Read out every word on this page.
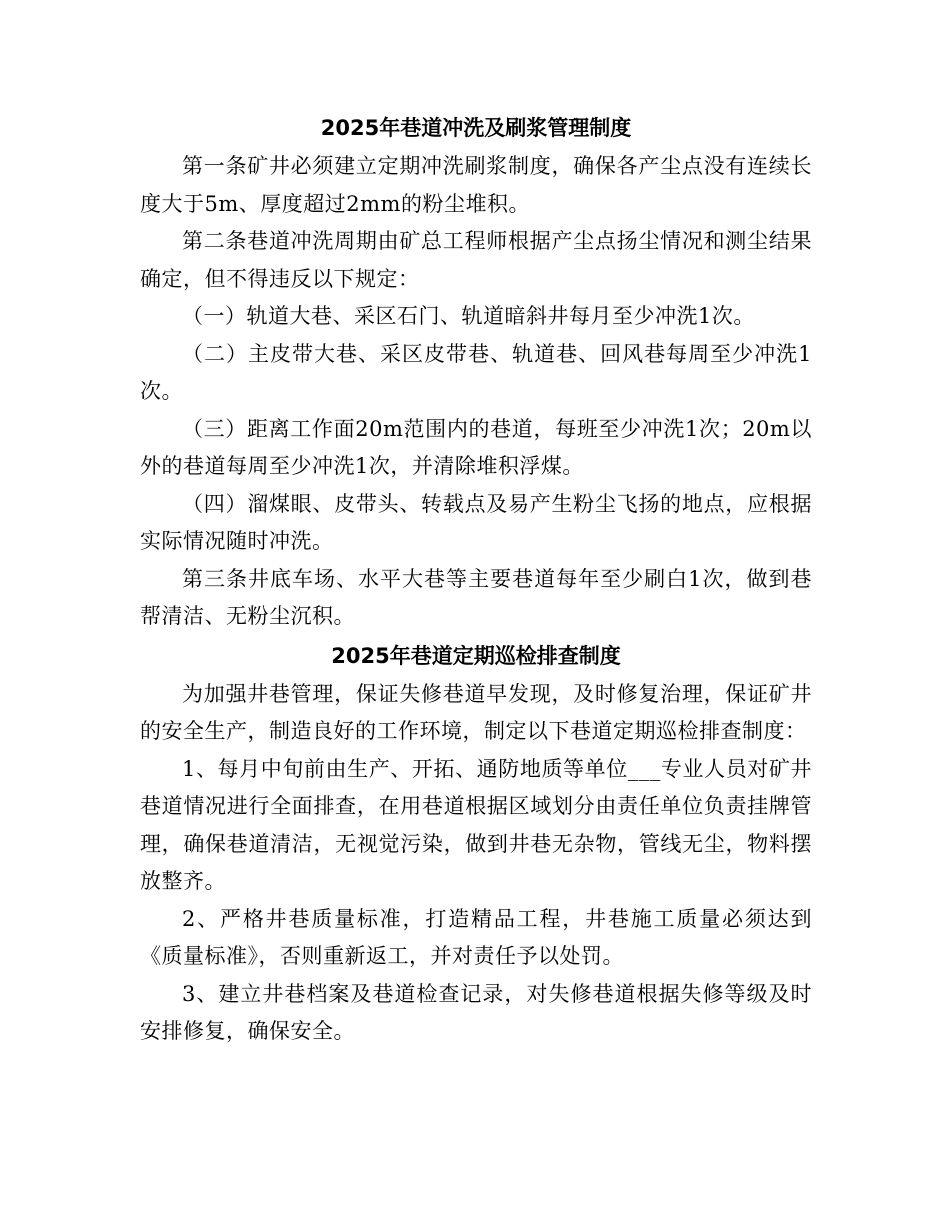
2025年巷道冲洗及刷浆管理制度

第一条矿井必须建立定期冲洗刷浆制度，确保各产尘点没有连续长度大于5m、厚度超过2mm的粉尘堆积。

第二条巷道冲洗周期由矿总工程师根据产尘点扬尘情况和测尘结果确定，但不得违反以下规定：

（一）轨道大巷、采区石门、轨道暗斜井每月至少冲洗1次。

（二）主皮带大巷、采区皮带巷、轨道巷、回风巷每周至少冲洗1次。

（三）距离工作面20m范围内的巷道，每班至少冲洗1次；20m以外的巷道每周至少冲洗1次，并清除堆积浮煤。

（四）溜煤眼、皮带头、转载点及易产生粉尘飞扬的地点，应根据实际情况随时冲洗。

第三条井底车场、水平大巷等主要巷道每年至少刷白1次，做到巷帮清洁、无粉尘沉积。

2025年巷道定期巡检排查制度

为加强井巷管理，保证失修巷道早发现，及时修复治理，保证矿井的安全生产，制造良好的工作环境，制定以下巷道定期巡检排查制度：

1、每月中旬前由生产、开拓、通防地质等单位___专业人员对矿井巷道情况进行全面排查，在用巷道根据区域划分由责任单位负责挂牌管理，确保巷道清洁，无视觉污染，做到井巷无杂物，管线无尘，物料摆放整齐。

2、严格井巷质量标准，打造精品工程，井巷施工质量必须达到《质量标准》，否则重新返工，并对责任予以处罚。

3、建立井巷档案及巷道检查记录，对失修巷道根据失修等级及时安排修复，确保安全。
